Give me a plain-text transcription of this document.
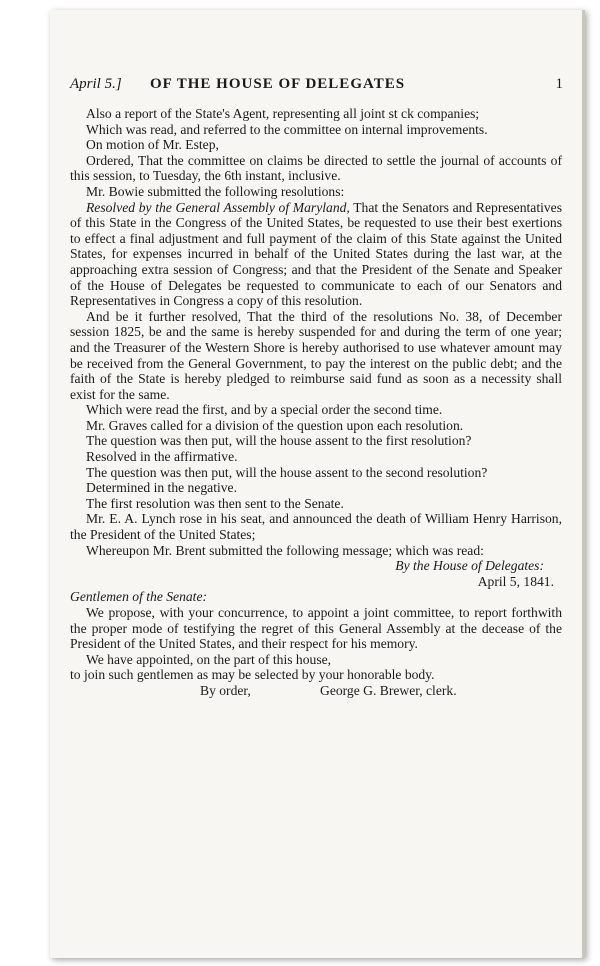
April 5.] OF THE HOUSE OF DELEGATES	1

Also a report of the State's Agent, representing all joint st ck companies;

Which was read, and referred to the committee on internal improvements.

On motion of Mr. Estep,

Ordered, That the committee on claims be directed to settle the journal of accounts of this session, to Tuesday, the 6th instant, inclusive.

Mr. Bowie submitted the following resolutions:

Resolved by the General Assembly of Maryland, That the Senators and Representatives of this State in the Congress of the United States, be requested to use their best exertions to effect a final adjustment and full payment of the claim of this State against the United States, for expenses incurred in behalf of the United States during the last war, at the approaching extra session of Congress; and that the President of the Senate and Speaker of the House of Delegates be requested to communicate to each of our Senators and Representatives in Congress a copy of this resolution.

And be it further resolved, That the third of the resolutions No. 38, of December session 1825, be and the same is hereby suspended for and during the term of one year; and the Treasurer of the Western Shore is hereby authorised to use whatever amount may be received from the General Government, to pay the interest on the public debt; and the faith of the State is hereby pledged to reimburse said fund as soon as a necessity shall exist for the same.

Which were read the first, and by a special order the second time.

Mr. Graves called for a division of the question upon each resolution.

The question was then put, will the house assent to the first resolution?

Resolved in the affirmative.

The question was then put, will the house assent to the second resolution?

Determined in the negative.

The first resolution was then sent to the Senate.

Mr. E. A. Lynch rose in his seat, and announced the death of William Henry Harrison, the President of the United States;

Whereupon Mr. Brent submitted the following message; which was read:

By the House of Delegates:

April 5, 1841.

Gentlemen of the Senate:

We propose, with your concurrence, to appoint a joint committee, to report forthwith the proper mode of testifying the regret of this General Assembly at the decease of the President of the United States, and their respect for his memory.

We have appointed, on the part of this house,

to join such gentlemen as may be selected by your honorable body.

By order,	George G. Brewer, clerk.
